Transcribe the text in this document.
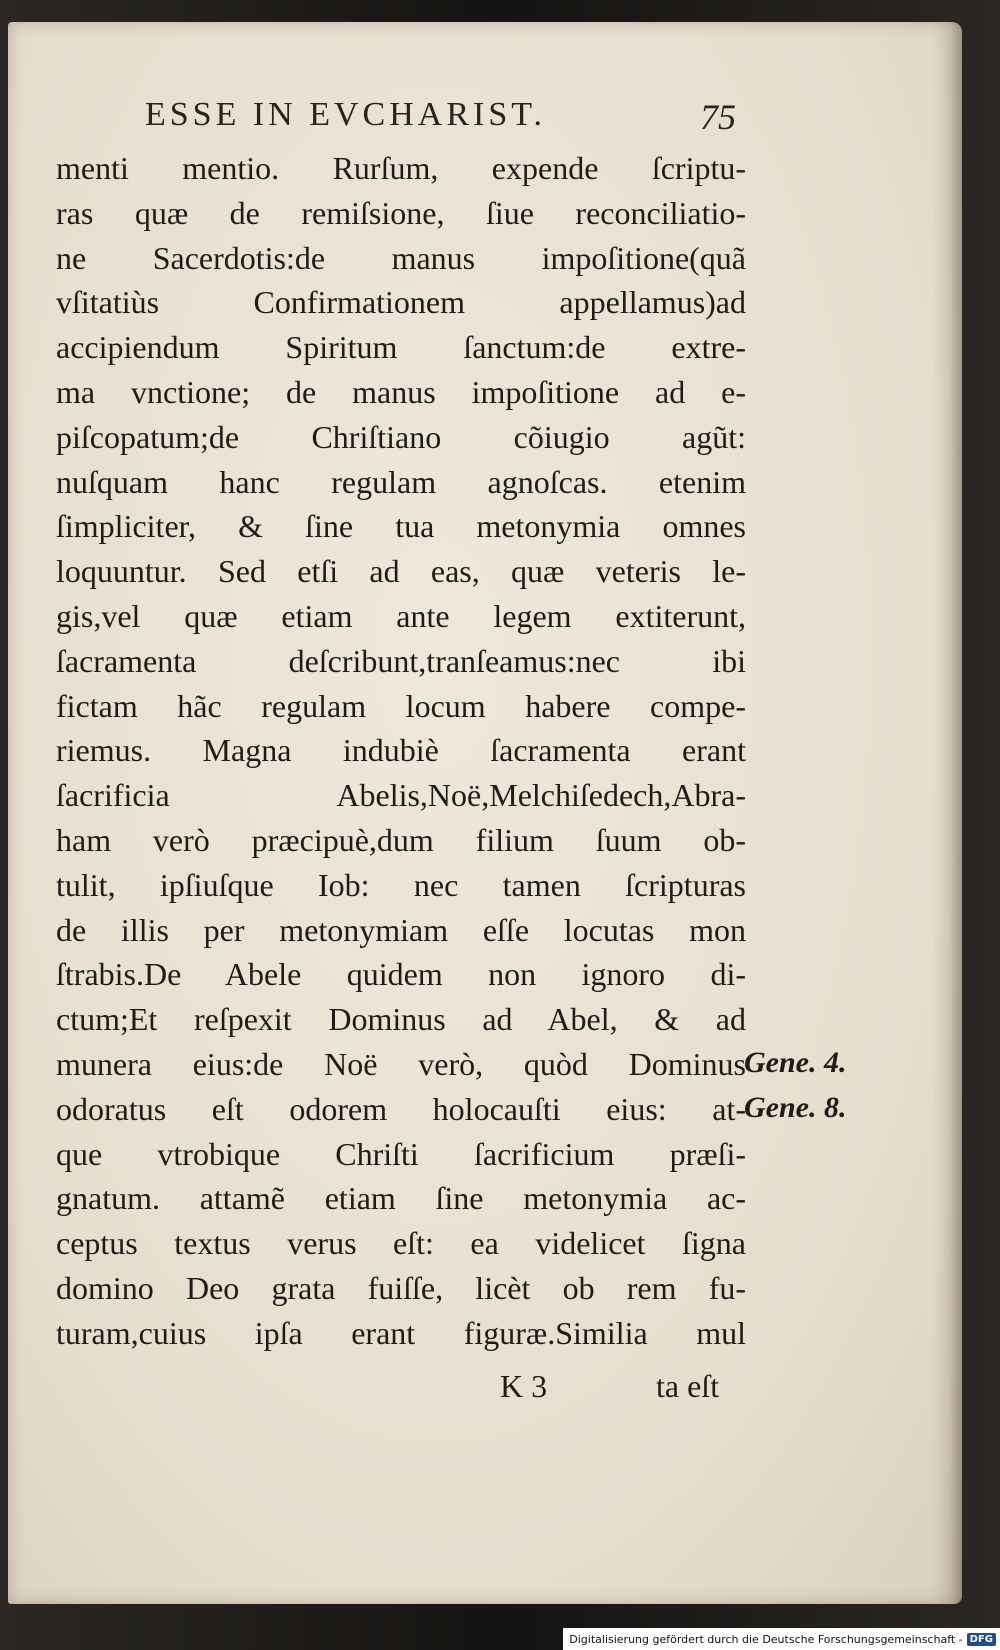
ESSE IN EVCHARIST.	75
menti mentio. Rurſum, expende ſcriptu-
ras quæ de remiſsione, ſiue reconciliatio-
ne Sacerdotis:de manus impoſitione(quã
vſitatiùs Confirmationem appellamus)ad
accipiendum Spiritum ſanctum:de extre-
ma vnctione; de manus impoſitione ad e-
piſcopatum;de Chriſtiano cõiugio agũt:
nuſquam hanc regulam agnoſcas. etenim
ſimpliciter, & ſine tua metonymia omnes
loquuntur. Sed etſi ad eas, quæ veteris le-
gis,vel quæ etiam ante legem extiterunt,
ſacramenta deſcribunt,tranſeamus:nec ibi
fictam hãc regulam locum habere compe-
riemus. Magna indubiè ſacramenta erant
ſacrificia Abelis,Noë,Melchiſedech,Abra-
ham verò præcipuè,dum filium ſuum ob-
tulit, ipſiuſque Iob: nec tamen ſcripturas
de illis per metonymiam eſſe locutas mon
ſtrabis.De Abele quidem non ignoro di-
ctum;Et reſpexit Dominus ad Abel, & ad
munera eius:de Noë verò, quòd Dominus
odoratus eſt odorem holocauſti eius: at-
que vtrobique Chriſti ſacrificium præſi-
gnatum. attamẽ etiam ſine metonymia ac-
ceptus textus verus eſt: ea videlicet ſigna
domino Deo grata fuiſſe, licèt ob rem fu-
turam,cuius ipſa erant figuræ.Similia mul
Gene. 4.
Gene. 8.
K 3	ta eſt
Digitalisierung gefördert durch die Deutsche Forschungsgemeinschaft - DFG
